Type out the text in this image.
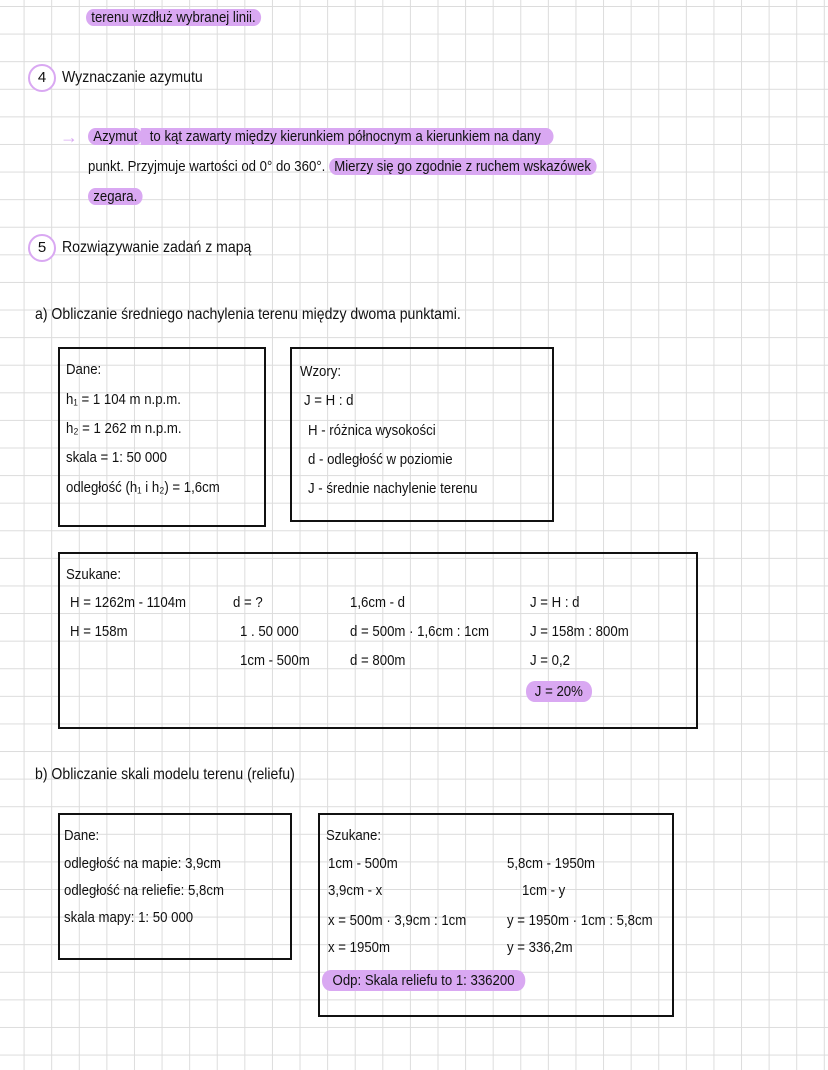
terenu wzdłuż wybranej linii.
4 Wyznaczanie azymutu
→	Azymut to kąt zawarty między kierunkiem północnym a kierunkiem na dany
punkt. Przyjmuje wartości od 0° do 360°. Mierzy się go zgodnie z ruchem wskazówek
zegara.
5 Rozwiązywanie zadań z mapą
a) Obliczanie średniego nachylenia terenu między dwoma punktami.
Dane:
h₁ = 1 104 m n.p.m.
h₂ = 1 262 m n.p.m.
skala = 1: 50 000
odległość (h₁ i h₂) = 1,6cm
Wzory:
J = H : d
H - różnica wysokości
d - odległość w poziomie
J - średnie nachylenie terenu
Szukane:
H = 1262m - 1104m
H = 158m
d = ?
1 . 50 000
1cm - 500m
1,6cm - d
d = 500m · 1,6cm : 1cm
d = 800m
J = H : d
J = 158m : 800m
J = 0,2
J = 20%
b) Obliczanie skali modelu terenu (reliefu)
Dane:
odległość na mapie: 3,9cm
odległość na reliefie: 5,8cm
skala mapy: 1: 50 000
Szukane:
1cm - 500m
3,9cm - x
x = 500m · 3,9cm : 1cm
x = 1950m
5,8cm - 1950m
1cm - y
y = 1950m · 1cm : 5,8cm
y = 336,2m
Odp: Skala reliefu to 1: 336200
